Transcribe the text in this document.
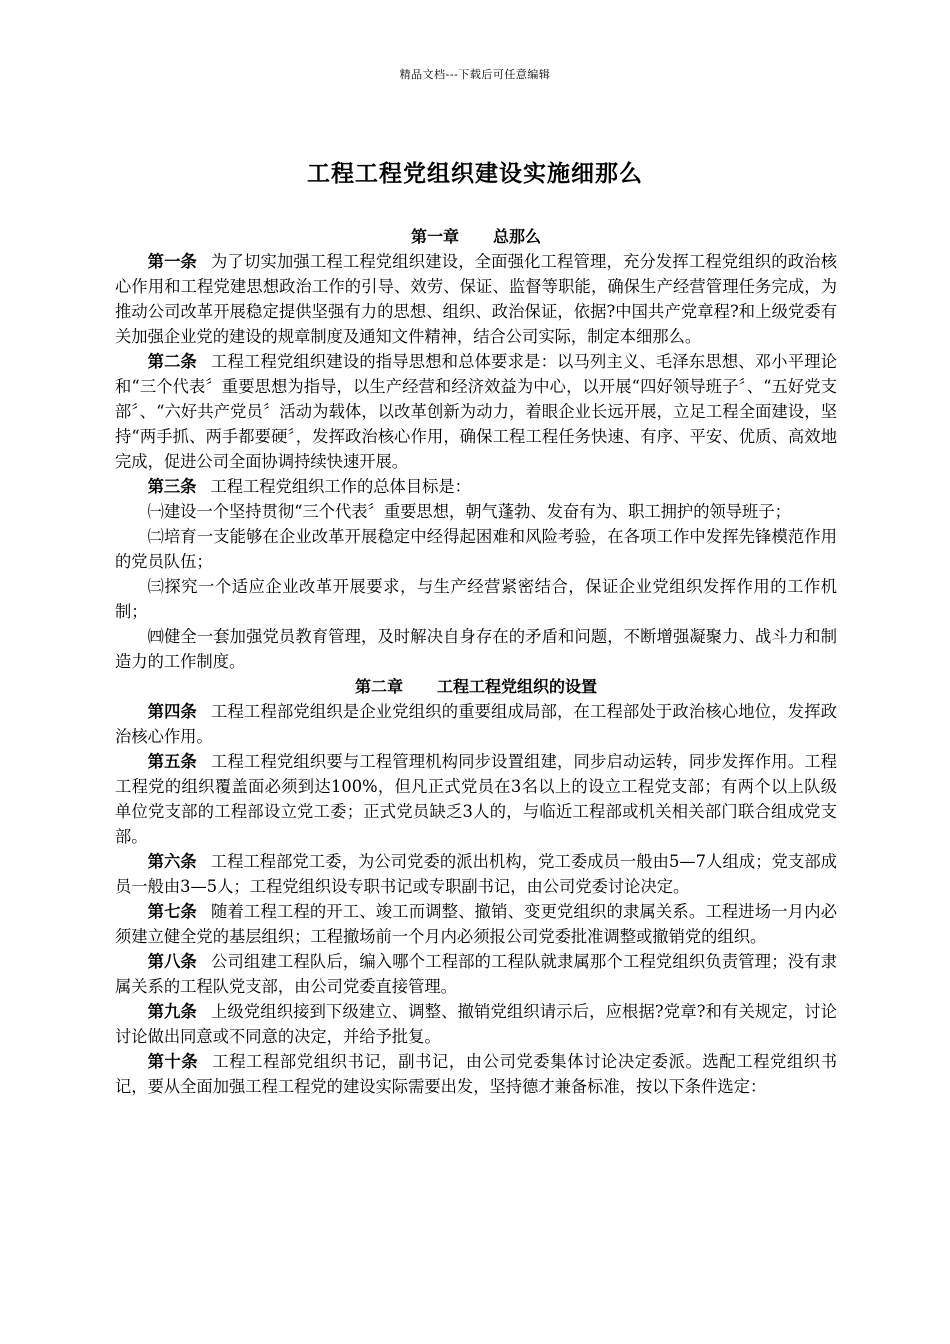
精品文档---下载后可任意编辑
工程工程党组织建设实施细那么
第一章 总那么

第一条 为了切实加强工程工程党组织建设，全面强化工程管理，充分发挥工程党组织的政治核心作用和工程党建思想政治工作的引导、效劳、保证、监督等职能，确保生产经营管理任务完成，为推动公司改革开展稳定提供坚强有力的思想、组织、政治保证，依据?中国共产党章程?和上级党委有关加强企业党的建设的规章制度及通知文件精神，结合公司实际，制定本细那么。

第二条 工程工程党组织建设的指导思想和总体要求是：以马列主义、毛泽东思想、邓小平理论和“三个代表〞重要思想为指导，以生产经营和经济效益为中心，以开展“四好领导班子〞、“五好党支部〞、“六好共产党员〞活动为载体，以改革创新为动力，着眼企业长远开展，立足工程全面建设，坚持“两手抓、两手都要硬〞，发挥政治核心作用，确保工程工程任务快速、有序、平安、优质、高效地完成，促进公司全面协调持续快速开展。

第三条 工程工程党组织工作的总体目标是：

㈠建设一个坚持贯彻“三个代表〞重要思想，朝气蓬勃、发奋有为、职工拥护的领导班子；

㈡培育一支能够在企业改革开展稳定中经得起困难和风险考验，在各项工作中发挥先锋模范作用的党员队伍；

㈢探究一个适应企业改革开展要求，与生产经营紧密结合，保证企业党组织发挥作用的工作机制；

㈣健全一套加强党员教育管理，及时解决自身存在的矛盾和问题，不断增强凝聚力、战斗力和制造力的工作制度。

第二章 工程工程党组织的设置

第四条 工程工程部党组织是企业党组织的重要组成局部，在工程部处于政治核心地位，发挥政治核心作用。

第五条 工程工程党组织要与工程管理机构同步设置组建，同步启动运转，同步发挥作用。工程工程党的组织覆盖面必须到达100%，但凡正式党员在3名以上的设立工程党支部；有两个以上队级单位党支部的工程部设立党工委；正式党员缺乏3人的，与临近工程部或机关相关部门联合组成党支部。

第六条 工程工程部党工委，为公司党委的派出机构，党工委成员一般由5—7人组成；党支部成员一般由3—5人；工程党组织设专职书记或专职副书记，由公司党委讨论决定。

第七条 随着工程工程的开工、竣工而调整、撤销、变更党组织的隶属关系。工程进场一月内必须建立健全党的基层组织；工程撤场前一个月内必须报公司党委批准调整或撤销党的组织。

第八条 公司组建工程队后，编入哪个工程部的工程队就隶属那个工程党组织负责管理；没有隶属关系的工程队党支部，由公司党委直接管理。

第九条 上级党组织接到下级建立、调整、撤销党组织请示后，应根据?党章?和有关规定，讨论讨论做出同意或不同意的决定，并给予批复。

第十条 工程工程部党组织书记，副书记，由公司党委集体讨论决定委派。选配工程党组织书记，要从全面加强工程工程党的建设实际需要出发，坚持德才兼备标准，按以下条件选定：
